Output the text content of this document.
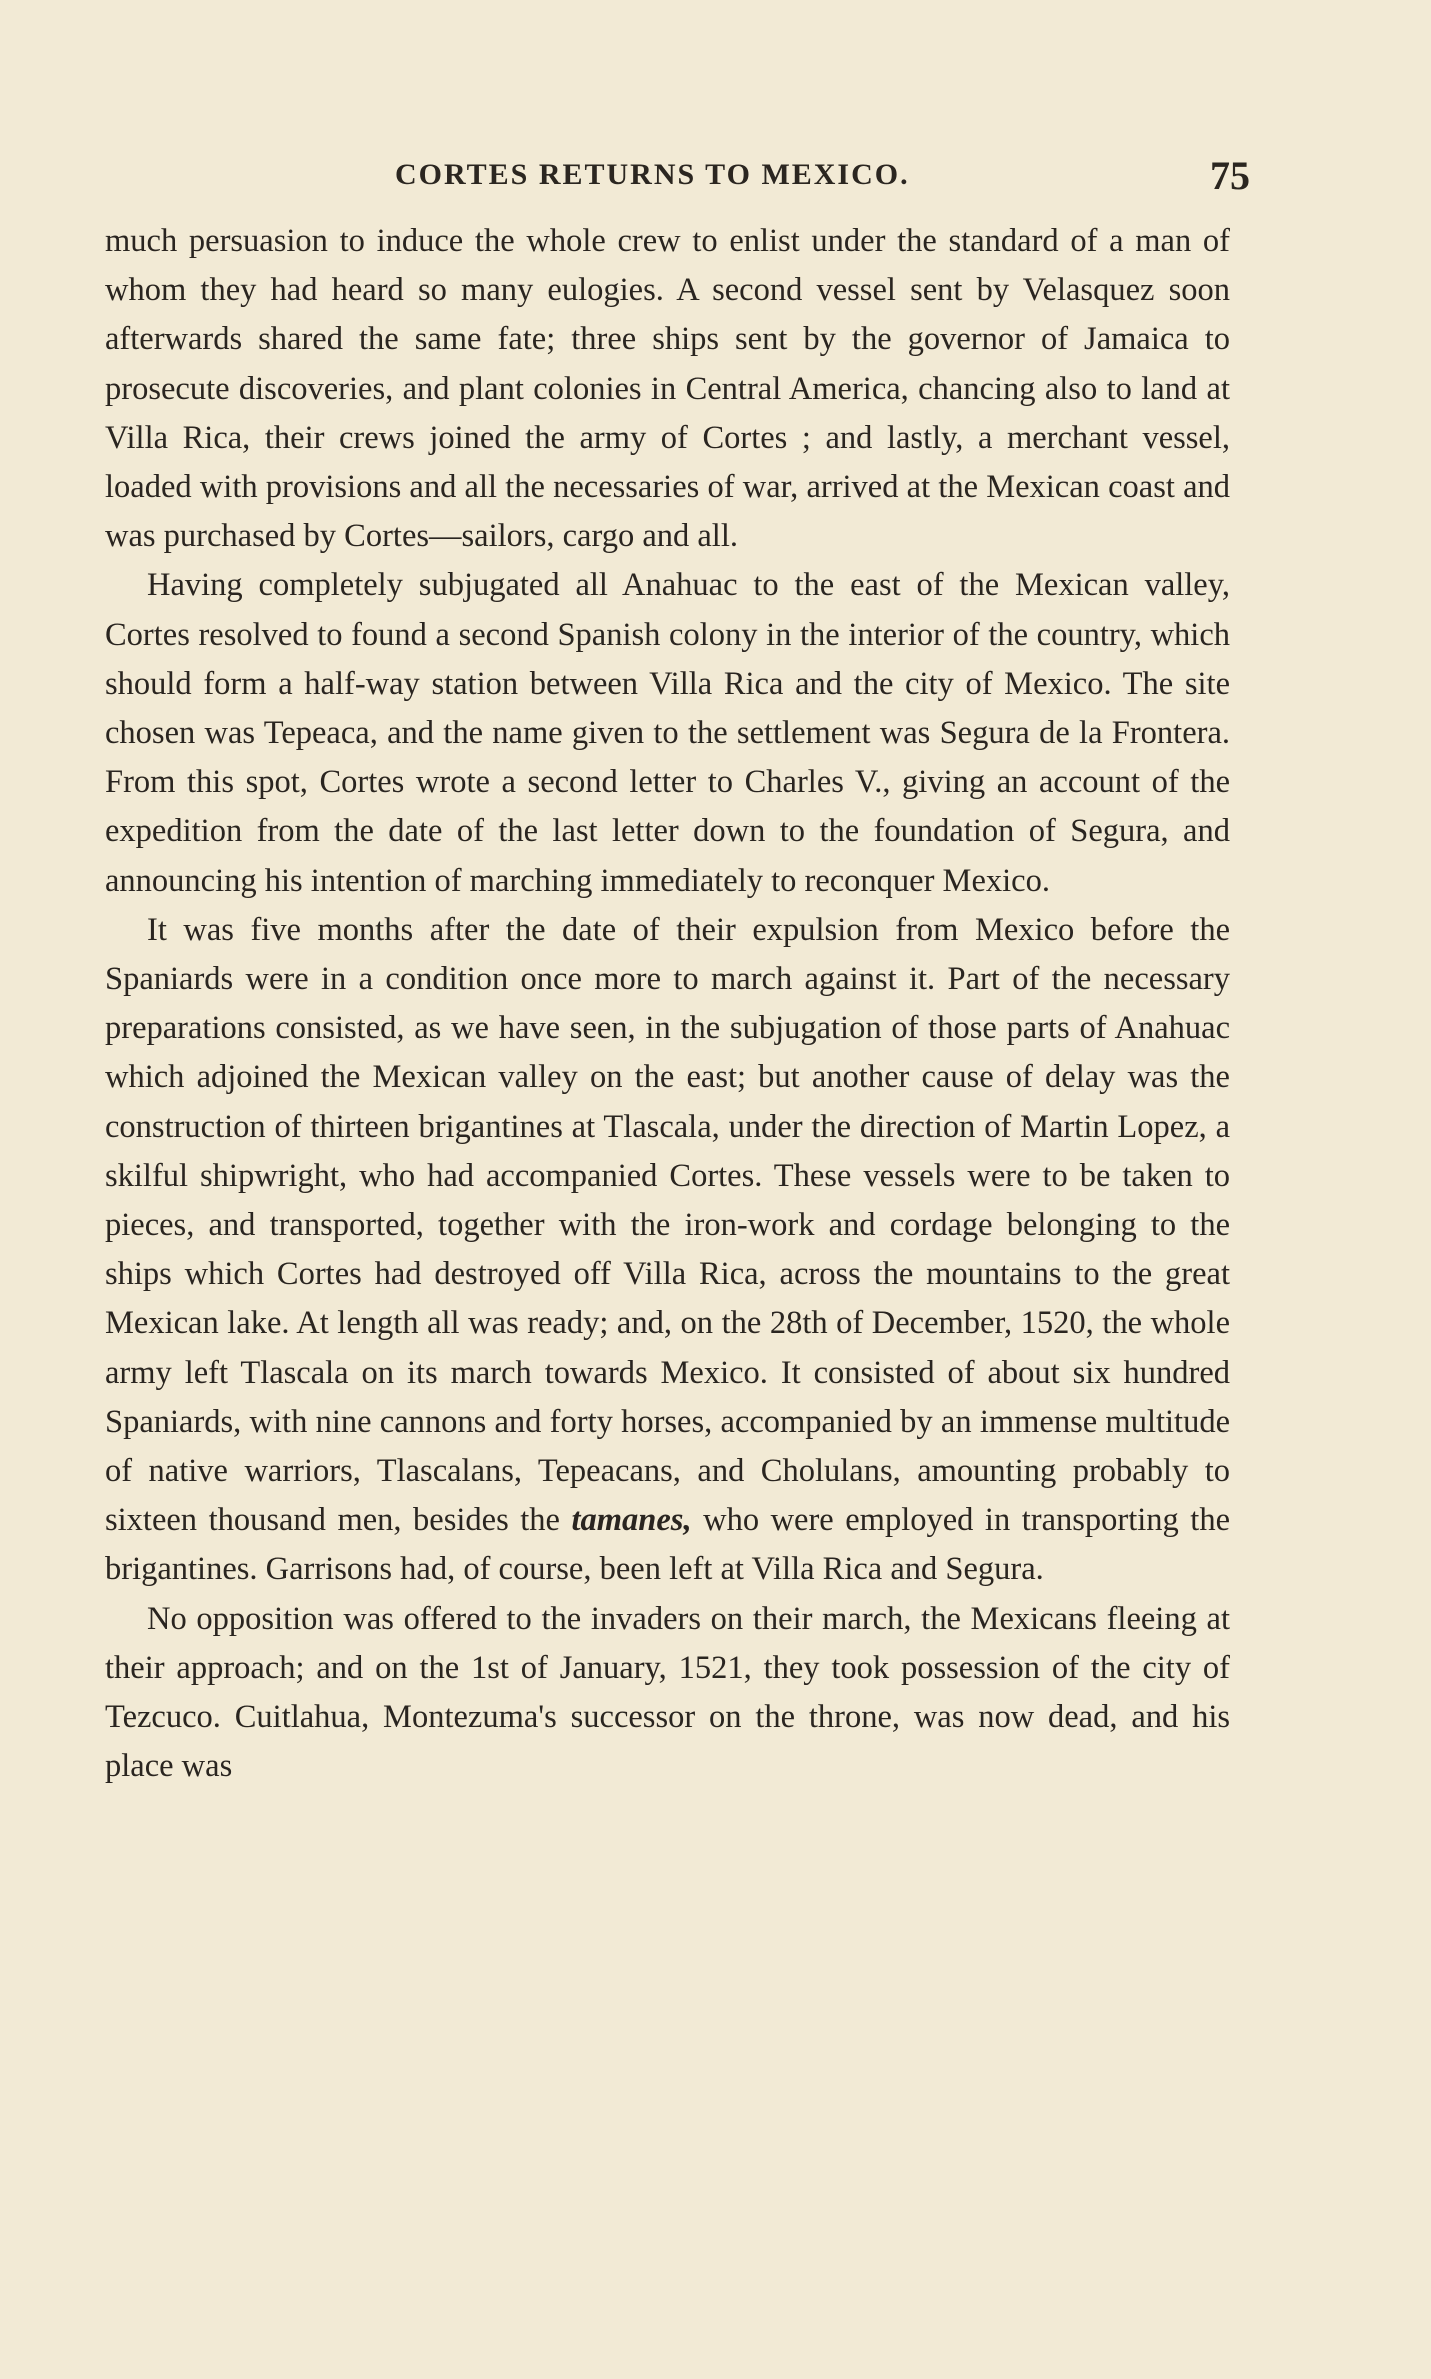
CORTES RETURNS TO MEXICO.	75

much persuasion to induce the whole crew to enlist under the standard of a man of whom they had heard so many eulogies. A second vessel sent by Velasquez soon afterwards shared the same fate; three ships sent by the governor of Jamaica to prosecute discoveries, and plant colonies in Central America, chancing also to land at Villa Rica, their crews joined the army of Cortes ; and lastly, a merchant vessel, loaded with provisions and all the necessaries of war, arrived at the Mexican coast and was purchased by Cortes—sailors, cargo and all.

Having completely subjugated all Anahuac to the east of the Mexican valley, Cortes resolved to found a second Spanish colony in the interior of the country, which should form a half-way station between Villa Rica and the city of Mexico. The site chosen was Tepeaca, and the name given to the settlement was Segura de la Frontera. From this spot, Cortes wrote a second letter to Charles V., giving an account of the expedition from the date of the last letter down to the foundation of Segura, and announcing his intention of marching immediately to reconquer Mexico.

It was five months after the date of their expulsion from Mexico before the Spaniards were in a condition once more to march against it. Part of the necessary preparations consisted, as we have seen, in the subjugation of those parts of Anahuac which adjoined the Mexican valley on the east; but another cause of delay was the construction of thirteen brigantines at Tlascala, under the direction of Martin Lopez, a skilful shipwright, who had accompanied Cortes. These vessels were to be taken to pieces, and transported, together with the iron-work and cordage belonging to the ships which Cortes had destroyed off Villa Rica, across the mountains to the great Mexican lake. At length all was ready; and, on the 28th of December, 1520, the whole army left Tlascala on its march towards Mexico. It consisted of about six hundred Spaniards, with nine cannons and forty horses, accompanied by an immense multitude of native warriors, Tlascalans, Tepeacans, and Cholulans, amounting probably to sixteen thousand men, besides the tamanes, who were employed in transporting the brigantines. Garrisons had, of course, been left at Villa Rica and Segura.

No opposition was offered to the invaders on their march, the Mexicans fleeing at their approach; and on the 1st of January, 1521, they took possession of the city of Tezcuco. Cuitlahua, Montezuma's successor on the throne, was now dead, and his place was
